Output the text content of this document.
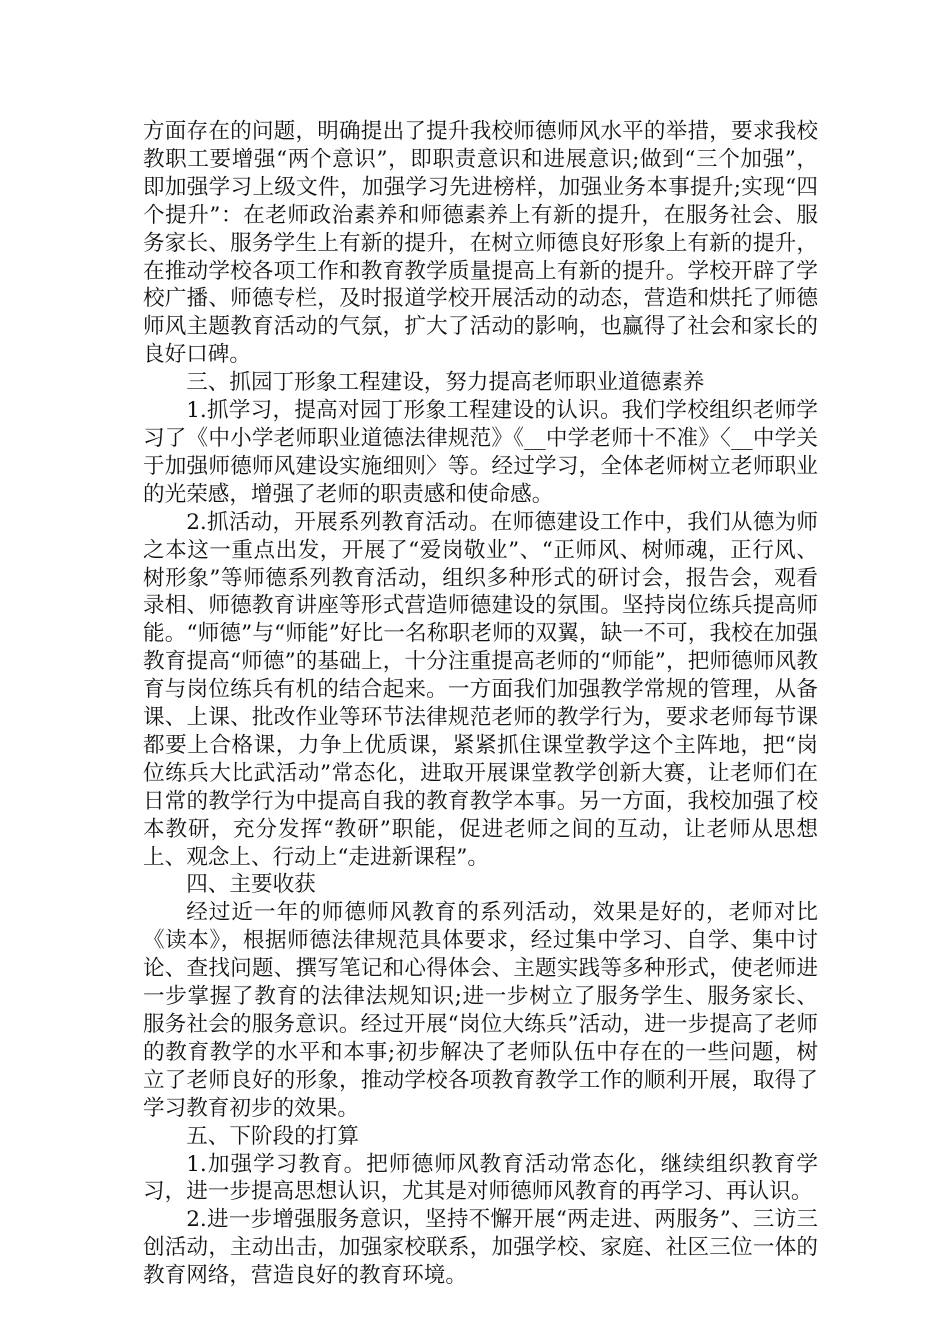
方面存在的问题，明确提出了提升我校师德师风水平的举措，要求我校教职工要增强“两个意识”，即职责意识和进展意识;做到“三个加强”，即加强学习上级文件，加强学习先进榜样，加强业务本事提升;实现“四个提升”：在老师政治素养和师德素养上有新的提升，在服务社会、服务家长、服务学生上有新的提升，在树立师德良好形象上有新的提升，在推动学校各项工作和教育教学质量提高上有新的提升。学校开辟了学校广播、师德专栏，及时报道学校开展活动的动态，营造和烘托了师德师风主题教育活动的气氛，扩大了活动的影响，也赢得了社会和家长的良好口碑。

三、抓园丁形象工程建设，努力提高老师职业道德素养

1.抓学习，提高对园丁形象工程建设的认识。我们学校组织老师学习了《中小学老师职业道德法律规范》《__中学老师十不准》〈__中学关于加强师德师风建设实施细则〉等。经过学习，全体老师树立老师职业的光荣感，增强了老师的职责感和使命感。

2.抓活动，开展系列教育活动。在师德建设工作中，我们从德为师之本这一重点出发，开展了“爱岗敬业”、“正师风、树师魂，正行风、树形象”等师德系列教育活动，组织多种形式的研讨会，报告会，观看录相、师德教育讲座等形式营造师德建设的氛围。坚持岗位练兵提高师能。“师德”与“师能”好比一名称职老师的双翼，缺一不可，我校在加强教育提高“师德”的基础上，十分注重提高老师的“师能”，把师德师风教育与岗位练兵有机的结合起来。一方面我们加强教学常规的管理，从备课、上课、批改作业等环节法律规范老师的教学行为，要求老师每节课都要上合格课，力争上优质课，紧紧抓住课堂教学这个主阵地，把“岗位练兵大比武活动”常态化，进取开展课堂教学创新大赛，让老师们在日常的教学行为中提高自我的教育教学本事。另一方面，我校加强了校本教研，充分发挥“教研”职能，促进老师之间的互动，让老师从思想上、观念上、行动上“走进新课程”。

四、主要收获

经过近一年的师德师风教育的系列活动，效果是好的，老师对比《读本》，根据师德法律规范具体要求，经过集中学习、自学、集中讨论、查找问题、撰写笔记和心得体会、主题实践等多种形式，使老师进一步掌握了教育的法律法规知识;进一步树立了服务学生、服务家长、服务社会的服务意识。经过开展“岗位大练兵”活动，进一步提高了老师的教育教学的水平和本事;初步解决了老师队伍中存在的一些问题，树立了老师良好的形象，推动学校各项教育教学工作的顺利开展，取得了学习教育初步的效果。

五、下阶段的打算

1.加强学习教育。把师德师风教育活动常态化，继续组织教育学习，进一步提高思想认识，尤其是对师德师风教育的再学习、再认识。

2.进一步增强服务意识，坚持不懈开展“两走进、两服务”、三访三创活动，主动出击，加强家校联系，加强学校、家庭、社区三位一体的教育网络，营造良好的教育环境。
